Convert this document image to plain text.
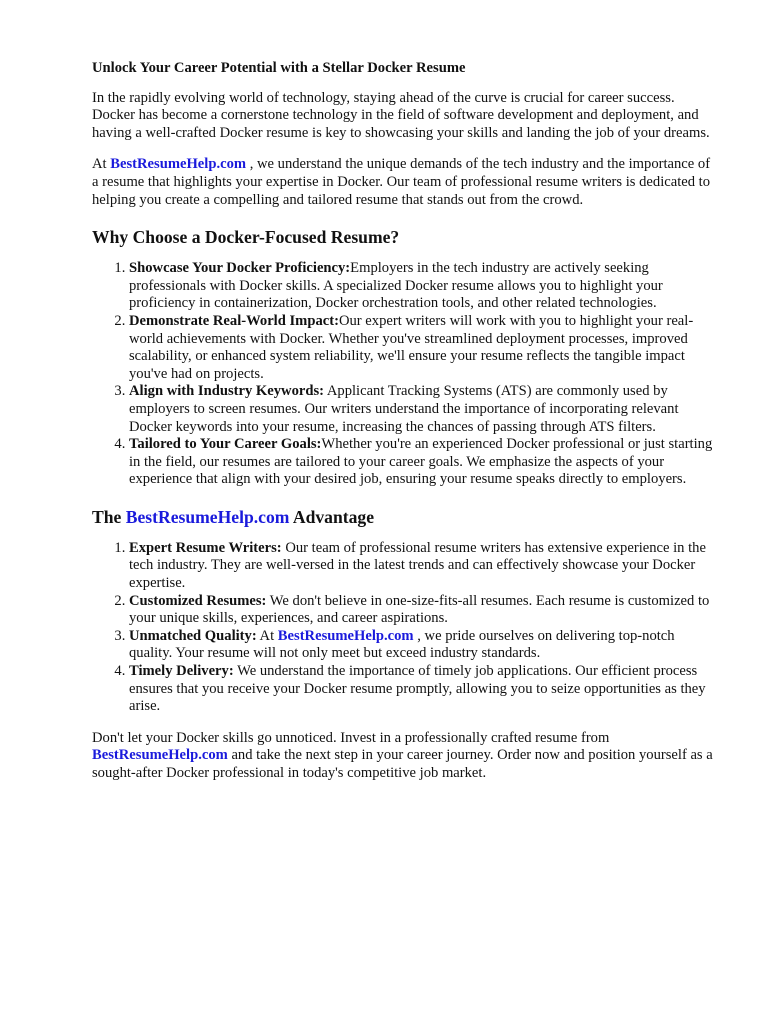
Unlock Your Career Potential with a Stellar Docker Resume

In the rapidly evolving world of technology, staying ahead of the curve is crucial for career success. Docker has become a cornerstone technology in the field of software development and deployment, and having a well-crafted Docker resume is key to showcasing your skills and landing the job of your dreams.

At BestResumeHelp.com , we understand the unique demands of the tech industry and the importance of a resume that highlights your expertise in Docker. Our team of professional resume writers is dedicated to helping you create a compelling and tailored resume that stands out from the crowd.

Why Choose a Docker-Focused Resume?
1. Showcase Your Docker Proficiency:Employers in the tech industry are actively seeking professionals with Docker skills. A specialized Docker resume allows you to highlight your proficiency in containerization, Docker orchestration tools, and other related technologies.
2. Demonstrate Real-World Impact:Our expert writers will work with you to highlight your real-world achievements with Docker. Whether you've streamlined deployment processes, improved scalability, or enhanced system reliability, we'll ensure your resume reflects the tangible impact you've had on projects.
3. Align with Industry Keywords: Applicant Tracking Systems (ATS) are commonly used by employers to screen resumes. Our writers understand the importance of incorporating relevant Docker keywords into your resume, increasing the chances of passing through ATS filters.
4. Tailored to Your Career Goals:Whether you're an experienced Docker professional or just starting in the field, our resumes are tailored to your career goals. We emphasize the aspects of your experience that align with your desired job, ensuring your resume speaks directly to employers.
The BestResumeHelp.com Advantage
1. Expert Resume Writers: Our team of professional resume writers has extensive experience in the tech industry. They are well-versed in the latest trends and can effectively showcase your Docker expertise.
2. Customized Resumes: We don't believe in one-size-fits-all resumes. Each resume is customized to your unique skills, experiences, and career aspirations.
3. Unmatched Quality: At BestResumeHelp.com , we pride ourselves on delivering top-notch quality. Your resume will not only meet but exceed industry standards.
4. Timely Delivery: We understand the importance of timely job applications. Our efficient process ensures that you receive your Docker resume promptly, allowing you to seize opportunities as they arise.

Don't let your Docker skills go unnoticed. Invest in a professionally crafted resume from BestResumeHelp.com and take the next step in your career journey. Order now and position yourself as a sought-after Docker professional in today's competitive job market.
